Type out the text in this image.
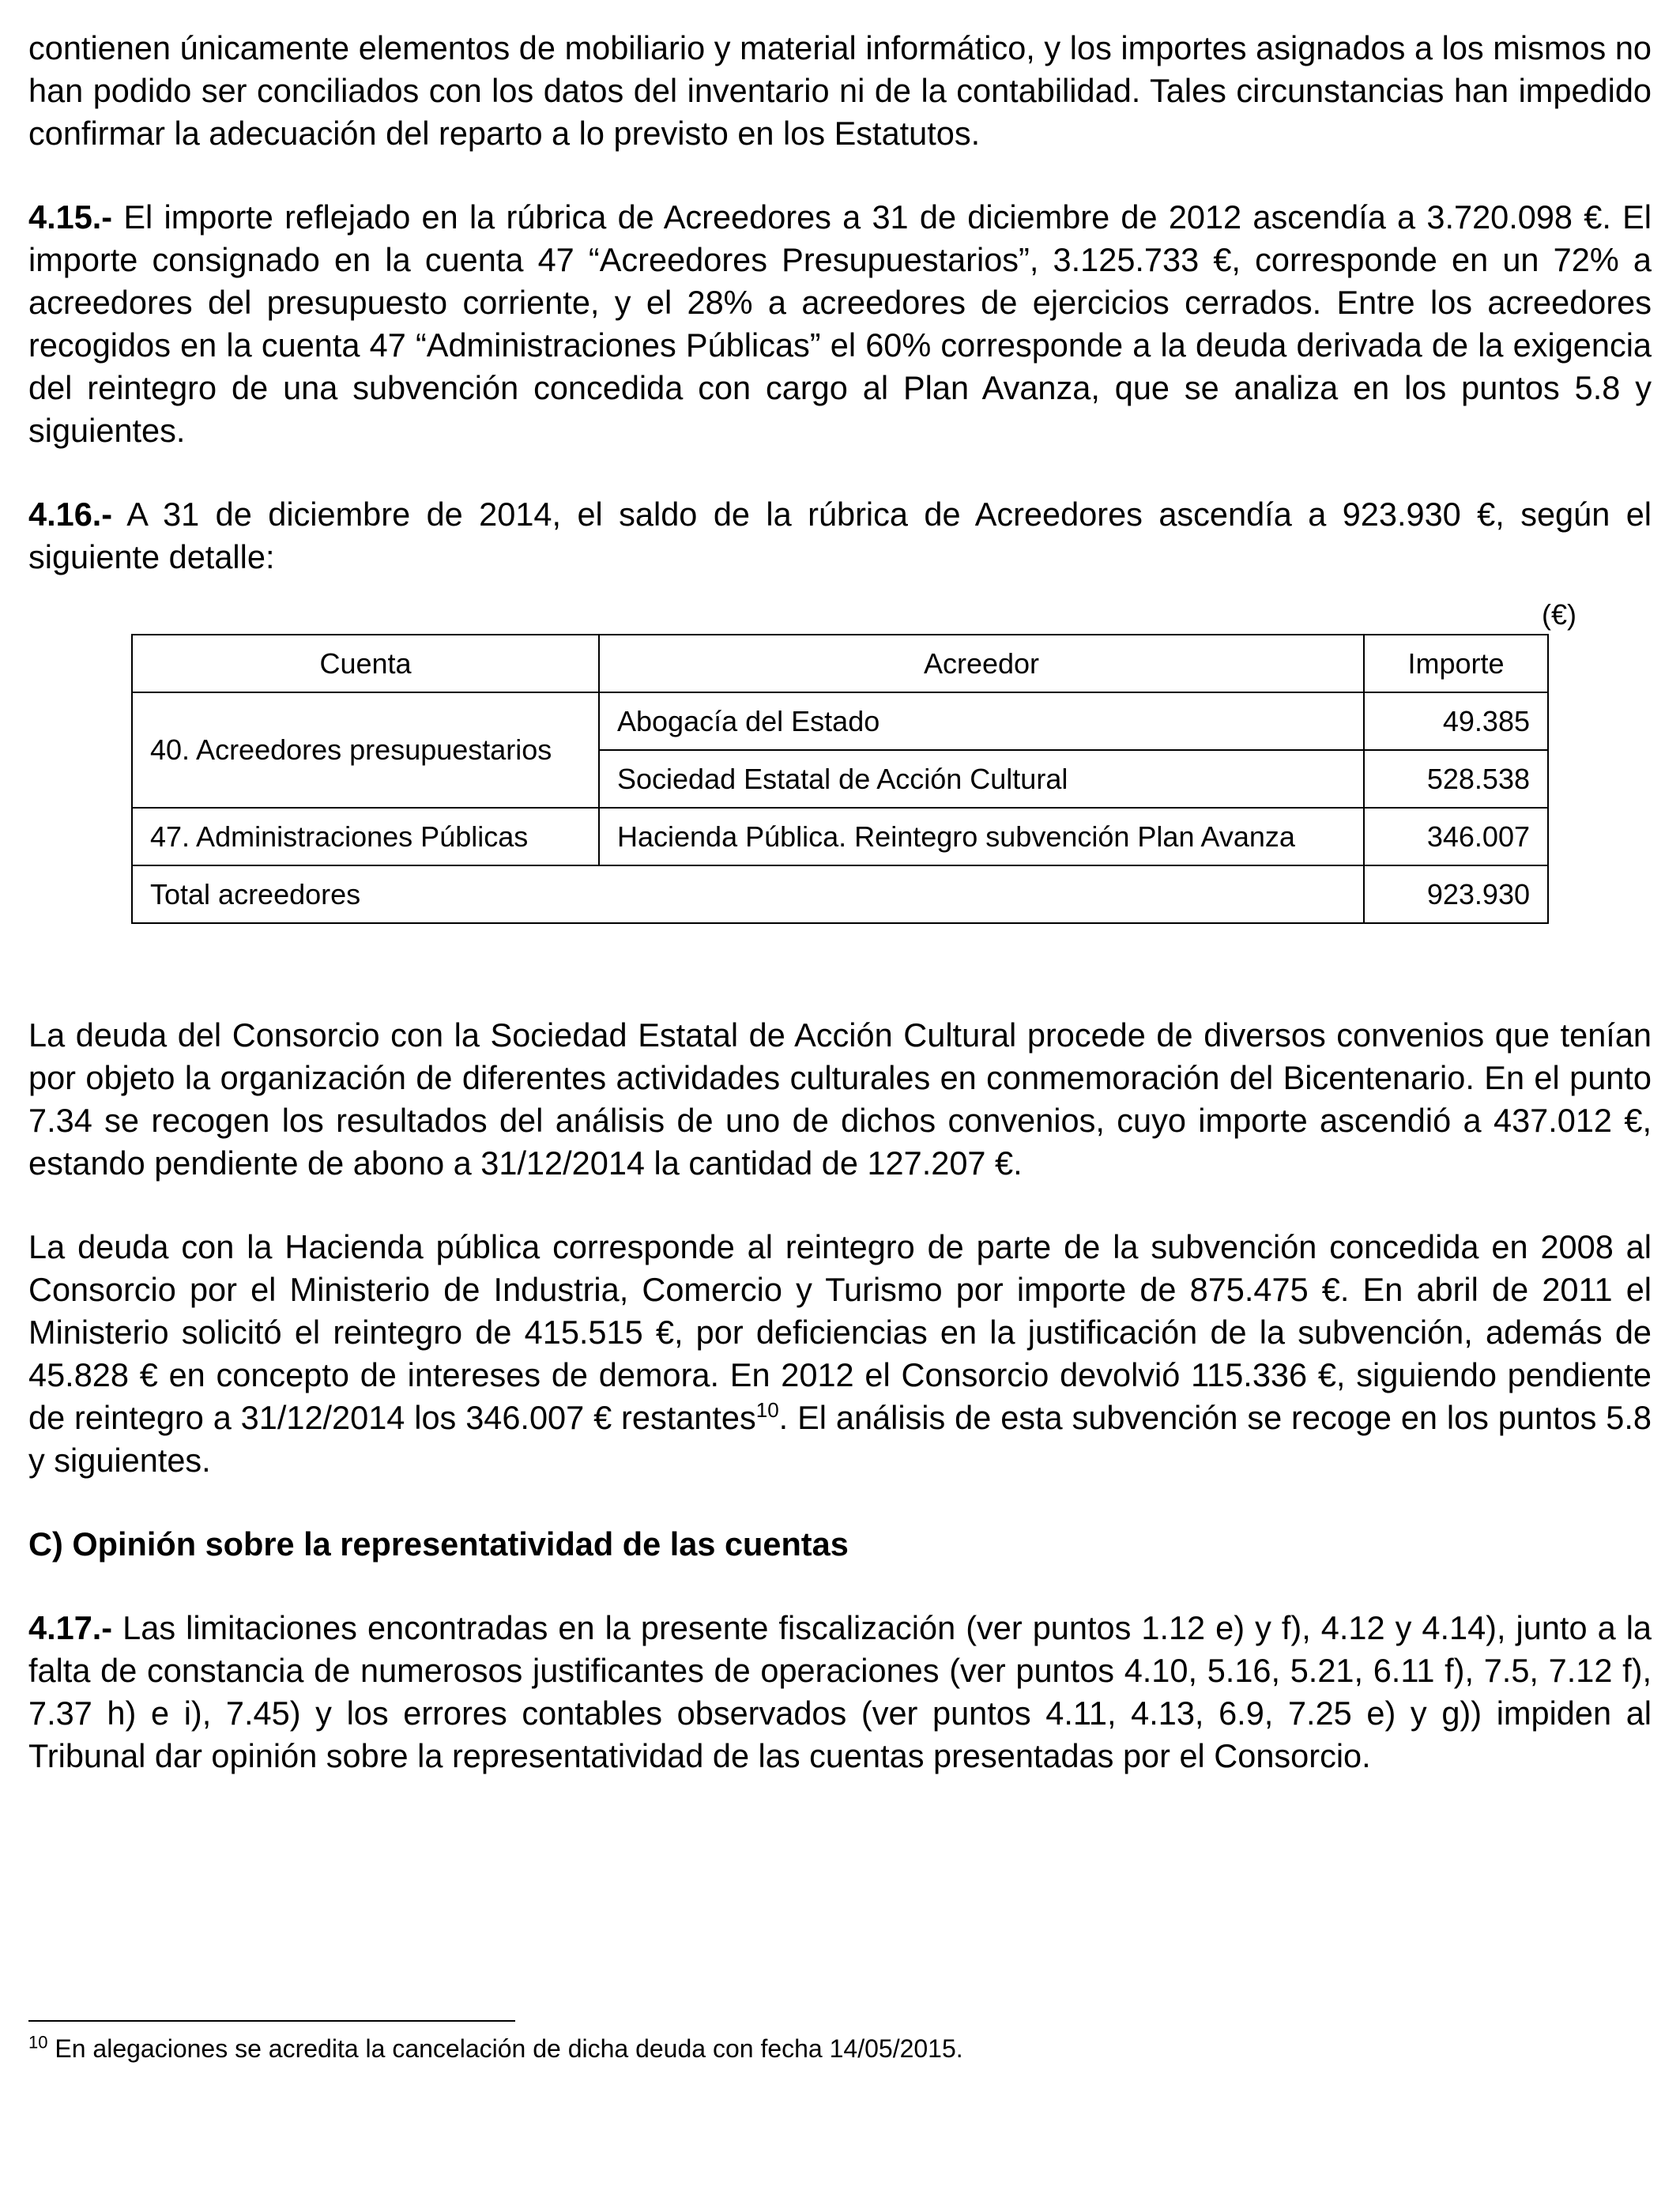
contienen únicamente elementos de mobiliario y material informático, y los importes asignados a los mismos no han podido ser conciliados con los datos del inventario ni de la contabilidad. Tales circunstancias han impedido confirmar la adecuación del reparto a lo previsto en los Estatutos.

4.15.- El importe reflejado en la rúbrica de Acreedores a 31 de diciembre de 2012 ascendía a 3.720.098 €. El importe consignado en la cuenta 47 “Acreedores Presupuestarios”, 3.125.733 €, corresponde en un 72% a acreedores del presupuesto corriente, y el 28% a acreedores de ejercicios cerrados. Entre los acreedores recogidos en la cuenta 47 “Administraciones Públicas” el 60% corresponde a la deuda derivada de la exigencia del reintegro de una subvención concedida con cargo al Plan Avanza, que se analiza en los puntos 5.8 y siguientes.

4.16.- A 31 de diciembre de 2014, el saldo de la rúbrica de Acreedores ascendía a 923.930 €, según el siguiente detalle:

(€)
Cuenta	Acreedor	Importe
40. Acreedores presupuestarios	Abogacía del Estado	49.385
	Sociedad Estatal de Acción Cultural	528.538
47. Administraciones Públicas	Hacienda Pública. Reintegro subvención Plan Avanza	346.007
Total acreedores		923.930

La deuda del Consorcio con la Sociedad Estatal de Acción Cultural procede de diversos convenios que tenían por objeto la organización de diferentes actividades culturales en conmemoración del Bicentenario. En el punto 7.34 se recogen los resultados del análisis de uno de dichos convenios, cuyo importe ascendió a 437.012 €, estando pendiente de abono a 31/12/2014 la cantidad de 127.207 €.

La deuda con la Hacienda pública corresponde al reintegro de parte de la subvención concedida en 2008 al Consorcio por el Ministerio de Industria, Comercio y Turismo por importe de 875.475 €. En abril de 2011 el Ministerio solicitó el reintegro de 415.515 €, por deficiencias en la justificación de la subvención, además de 45.828 € en concepto de intereses de demora. En 2012 el Consorcio devolvió 115.336 €, siguiendo pendiente de reintegro a 31/12/2014 los 346.007 € restantes$^{10}$. El análisis de esta subvención se recoge en los puntos 5.8 y siguientes.

C) Opinión sobre la representatividad de las cuentas

4.17.- Las limitaciones encontradas en la presente fiscalización (ver puntos 1.12 e) y f), 4.12 y 4.14), junto a la falta de constancia de numerosos justificantes de operaciones (ver puntos 4.10, 5.16, 5.21, 6.11 f), 7.5, 7.12 f), 7.37 h) e i), 7.45) y los errores contables observados (ver puntos 4.11, 4.13, 6.9, 7.25 e) y g)) impiden al Tribunal dar opinión sobre la representatividad de las cuentas presentadas por el Consorcio.

$^{10}$ En alegaciones se acredita la cancelación de dicha deuda con fecha 14/05/2015.
